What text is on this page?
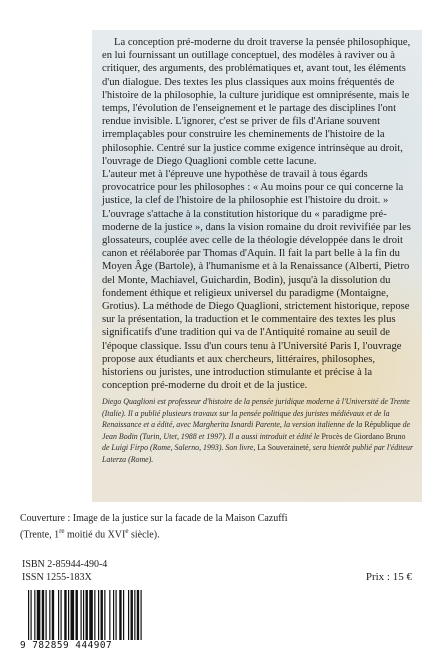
La conception pré-moderne du droit traverse la pensée philosophique, en lui fournissant un outillage conceptuel, des modèles à raviver ou à critiquer, des arguments, des problématiques et, avant tout, les éléments d'un dialogue. Des textes les plus classiques aux moins fréquentés de l'histoire de la philosophie, la culture juridique est omniprésente, mais le temps, l'évolution de l'enseignement et le partage des disciplines l'ont rendue invisible. L'ignorer, c'est se priver de fils d'Ariane souvent irremplaçables pour construire les cheminements de l'histoire de la philosophie. Centré sur la justice comme exigence intrinsèque au droit, l'ouvrage de Diego Quaglioni comble cette lacune.

L'auteur met à l'épreuve une hypothèse de travail à tous égards provocatrice pour les philosophes : « Au moins pour ce qui concerne la justice, la clef de l'histoire de la philosophie est l'histoire du droit. » L'ouvrage s'attache à la constitution historique du « paradigme pré-moderne de la justice », dans la vision romaine du droit revivifiée par les glossateurs, couplée avec celle de la théologie développée dans le droit canon et réélaborée par Thomas d'Aquin. Il fait la part belle à la fin du Moyen Âge (Bartole), à l'humanisme et à la Renaissance (Alberti, Pietro del Monte, Machiavel, Guichardin, Bodin), jusqu'à la dissolution du fondement éthique et religieux universel du paradigme (Montaigne, Grotius). La méthode de Diego Quaglioni, strictement historique, repose sur la présentation, la traduction et le commentaire des textes les plus significatifs d'une tradition qui va de l'Antiquité romaine au seuil de l'époque classique. Issu d'un cours tenu à l'Université Paris I, l'ouvrage propose aux étudiants et aux chercheurs, littéraires, philosophes, historiens ou juristes, une introduction stimulante et précise à la conception pré-moderne du droit et de la justice.

Diego Quaglioni est professeur d'histoire de la pensée juridique moderne à l'Université de Trente (Italie). Il a publié plusieurs travaux sur la pensée politique des juristes médiévaux et de la Renaissance et a édité, avec Margherita Isnardi Parente, la version italienne de la République de Jean Bodin (Turin, Utet, 1988 et 1997). Il a aussi introduit et édité le Procès de Giordano Bruno de Luigi Firpo (Rome, Salerno, 1993). Son livre, La Souveraineté, sera bientôt publié par l'éditeur Laterza (Rome).
Couverture : Image de la justice sur la facade de la Maison Cazuffi
(Trente, 1re moitié du XVIe siècle).
ISBN 2-85944-490-4
ISSN 1255-183X	Prix : 15 €
9 782859 444907
